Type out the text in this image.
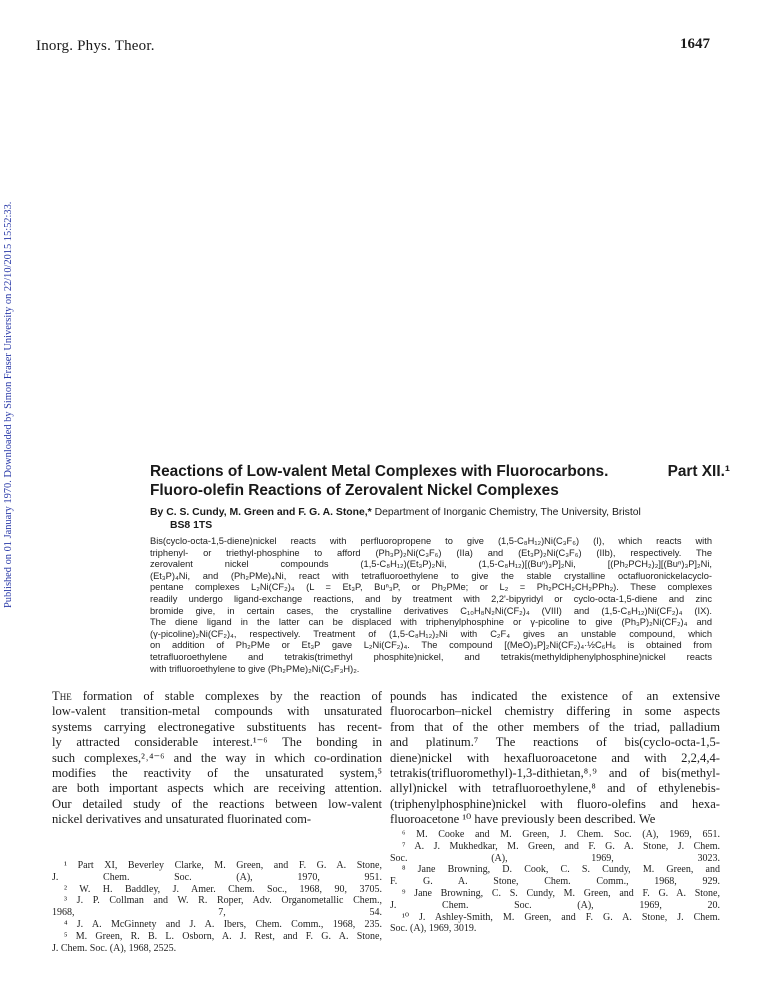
Inorg. Phys. Theor.	1647
Published on 01 January 1970. Downloaded by Simon Fraser University on 22/10/2015 15:52:33.	Reactions of Low-valent Metal Complexes with Fluorocarbons.	Part XII.¹
Fluoro-olefin Reactions of Zerovalent Nickel Complexes
By C. S. Cundy, M. Green and F. G. A. Stone,* Department of Inorganic Chemistry, The University, Bristol
BS8 1TS
Bis(cyclo-octa-1,5-diene)nickel reacts with perfluoropropene to give (1,5-C₈H₁₂)Ni(C₃F₆) (I), which reacts with
triphenyl- or triethyl-phosphine to afford (Ph₃P)₂Ni(C₃F₆) (IIa) and (Et₃P)₂Ni(C₃F₆) (IIb), respectively. The
zerovalent nickel compounds (1,5-C₈H₁₂)(Et₃P)₂Ni, (1,5-C₈H₁₂)[(Buⁿ)₃P]₂Ni, [(Ph₂PCH₂)₂][(Buⁿ)₃P]₂Ni,
(Et₃P)₄Ni, and (Ph₂PMe)₄Ni, react with tetrafluoroethylene to give the stable crystalline octafluoronickelacyclo-
pentane complexes L₂Ni(CF₂)₄ (L = Et₃P, Buⁿ₃P, or Ph₂PMe; or L₂ = Ph₂PCH₂CH₂PPh₂). These complexes
readily undergo ligand-exchange reactions, and by treatment with 2,2'-bipyridyl or cyclo-octa-1,5-diene and zinc
bromide give, in certain cases, the crystalline derivatives C₁₀H₈N₂Ni(CF₂)₄ (VIII) and (1,5-C₈H₁₂)Ni(CF₂)₄ (IX).
The diene ligand in the latter can be displaced with triphenylphosphine or γ-picoline to give (Ph₃P)₂Ni(CF₂)₄ and
(γ-picoline)₂Ni(CF₂)₄, respectively. Treatment of (1,5-C₈H₁₂)₂Ni with C₂F₄ gives an unstable compound, which
on addition of Ph₂PMe or Et₃P gave L₂Ni(CF₂)₄. The compound [(MeO)₃P]₂Ni(CF₂)₄·½C₆H₆ is obtained from
tetrafluoroethylene and tetrakis(trimethyl phosphite)nickel, and tetrakis(methyldiphenylphosphine)nickel reacts
with trifluoroethylene to give (Ph₂PMe)₂Ni(C₂F₃H)₂.
The formation of stable complexes by the reaction of
low-valent transition-metal compounds with unsaturated
systems carrying electronegative substituents has recent-
ly attracted considerable interest.¹⁻⁶ The bonding in
such complexes,²˒⁴⁻⁶ and the way in which co-ordination
modifies the reactivity of the unsaturated system,⁵
are both important aspects which are receiving attention.
Our detailed study of the reactions between low-valent
nickel derivatives and unsaturated fluorinated com-
pounds has indicated the existence of an extensive
fluorocarbon–nickel chemistry differing in some aspects
from that of the other members of the triad, palladium
and platinum.⁷ The reactions of bis(cyclo-octa-1,5-
diene)nickel with hexafluoroacetone and with 2,2,4,4-
tetrakis(trifluoromethyl)-1,3-dithietan,⁸˒⁹ and of bis(methyl-
allyl)nickel with tetrafluoroethylene,⁸ and of ethylenebis-
(triphenylphosphine)nickel with fluoro-olefins and hexa-
fluoroacetone ¹⁰ have previously been described. We
¹ Part XI, Beverley Clarke, M. Green, and F. G. A. Stone,
J. Chem. Soc. (A), 1970, 951.
² W. H. Baddley, J. Amer. Chem. Soc., 1968, 90, 3705.
³ J. P. Collman and W. R. Roper, Adv. Organometallic Chem.,
1968, 7, 54.
⁴ J. A. McGinnety and J. A. Ibers, Chem. Comm., 1968, 235.
⁵ M. Green, R. B. L. Osborn, A. J. Rest, and F. G. A. Stone,
J. Chem. Soc. (A), 1968, 2525.
⁶ M. Cooke and M. Green, J. Chem. Soc. (A), 1969, 651.
⁷ A. J. Mukhedkar, M. Green, and F. G. A. Stone, J. Chem.
Soc. (A), 1969, 3023.
⁸ Jane Browning, D. Cook, C. S. Cundy, M. Green, and
F. G. A. Stone, Chem. Comm., 1968, 929.
⁹ Jane Browning, C. S. Cundy, M. Green, and F. G. A. Stone,
J. Chem. Soc. (A), 1969, 20.
¹⁰ J. Ashley-Smith, M. Green, and F. G. A. Stone, J. Chem.
Soc. (A), 1969, 3019.
